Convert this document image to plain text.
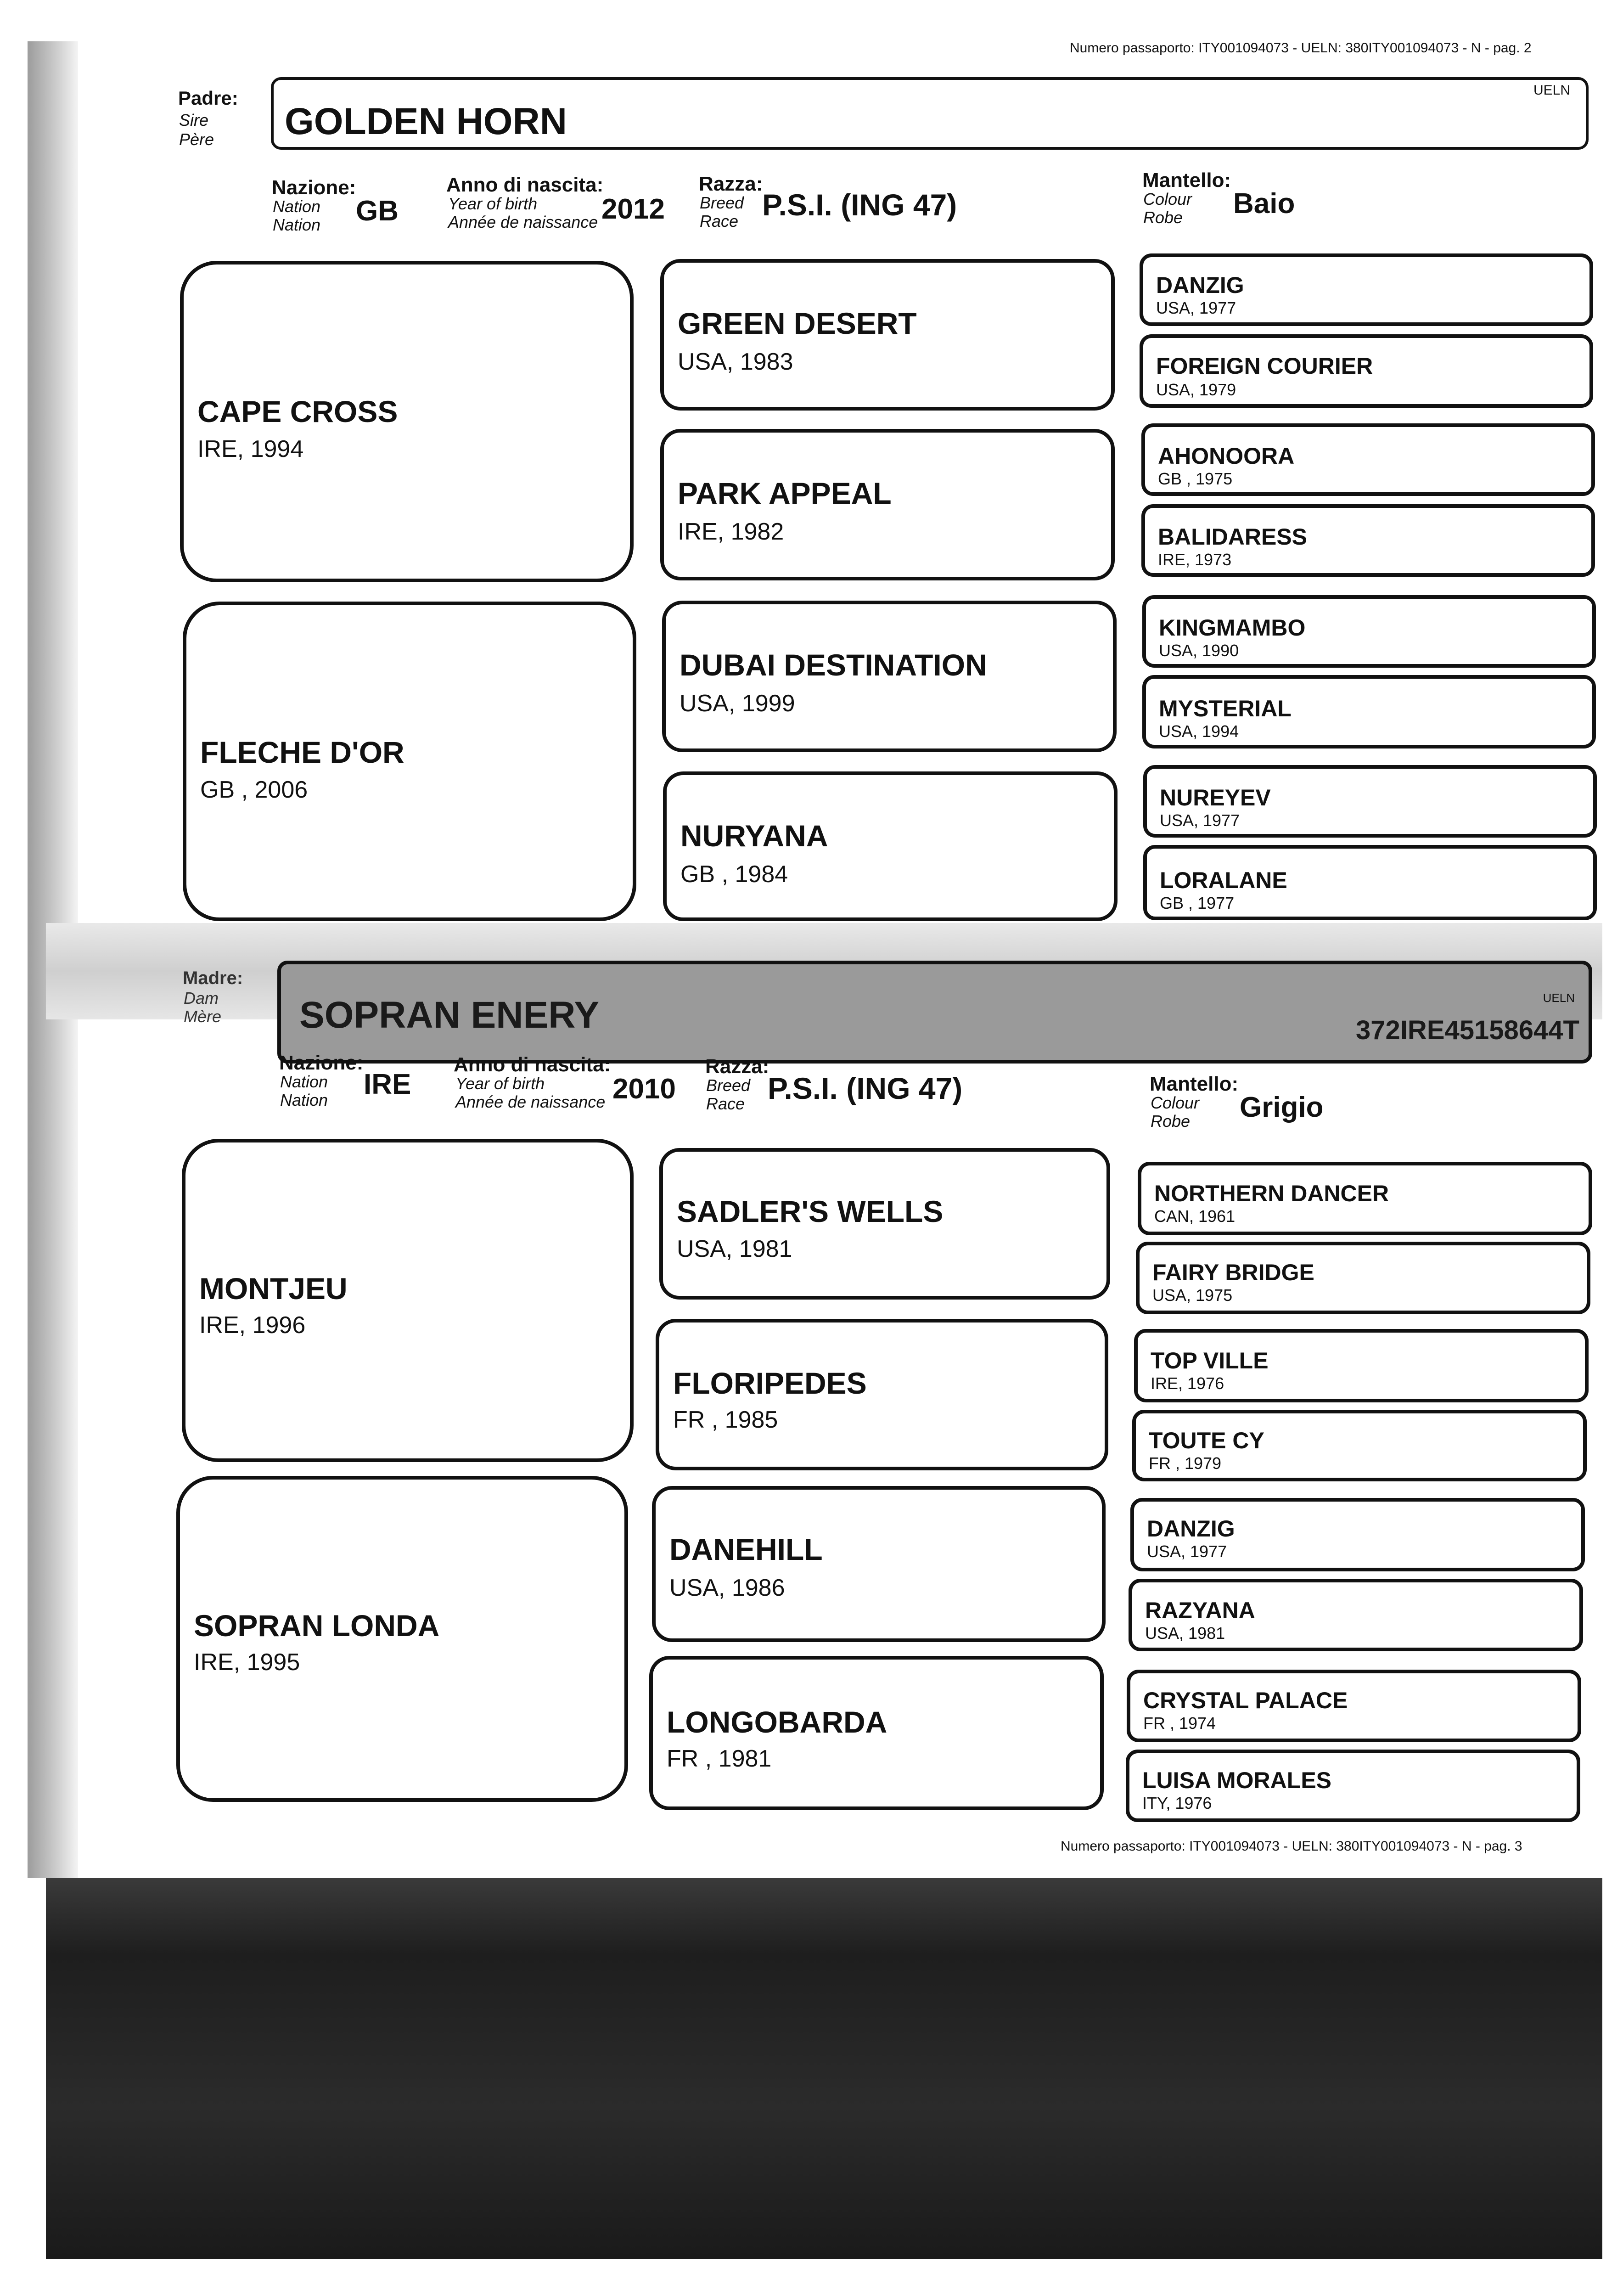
Numero passaporto: ITY001094073 - UELN: 380ITY001094073 - N - pag. 2
Padre:
Sire
Père GOLDEN HORN
UELN
Nazione:
Nation
Nation GB
Anno di nascita:
Year of birth
Année de naissance 2012
Razza:
Breed
Race P.S.I. (ING 47)
Mantello:
Colour
Robe Baio
CAPE CROSS
IRE, 1994
FLECHE D'OR
GB , 2006
GREEN DESERT
USA, 1983
PARK APPEAL
IRE, 1982
DUBAI DESTINATION
USA, 1999
NURYANA
GB , 1984
DANZIG
USA, 1977
FOREIGN COURIER
USA, 1979
AHONOORA
GB , 1975
BALIDARESS
IRE, 1973
KINGMAMBO
USA, 1990
MYSTERIAL
USA, 1994
NUREYEV
USA, 1977
LORALANE
GB , 1977
Madre:
Dam
Mère SOPRAN ENERY	UELN
372IRE45158644T
Nazione:
Nation
Nation IRE
Anno di nascita:
Year of birth
Année de naissance 2010
Razza:
Breed
Race P.S.I. (ING 47)	Mantello:
Colour
Robe Grigio
MONTJEU
IRE, 1996
SOPRAN LONDA
IRE, 1995
SADLER'S WELLS
USA, 1981
FLORIPEDES
FR , 1985
DANEHILL
USA, 1986
LONGOBARDA
FR , 1981
NORTHERN DANCER
CAN, 1961
FAIRY BRIDGE
USA, 1975
TOP VILLE
IRE, 1976
TOUTE CY
FR , 1979
DANZIG
USA, 1977
RAZYANA
USA, 1981
CRYSTAL PALACE
FR , 1974
LUISA MORALES
ITY, 1976
Numero passaporto: ITY001094073 - UELN: 380ITY001094073 - N - pag. 3
